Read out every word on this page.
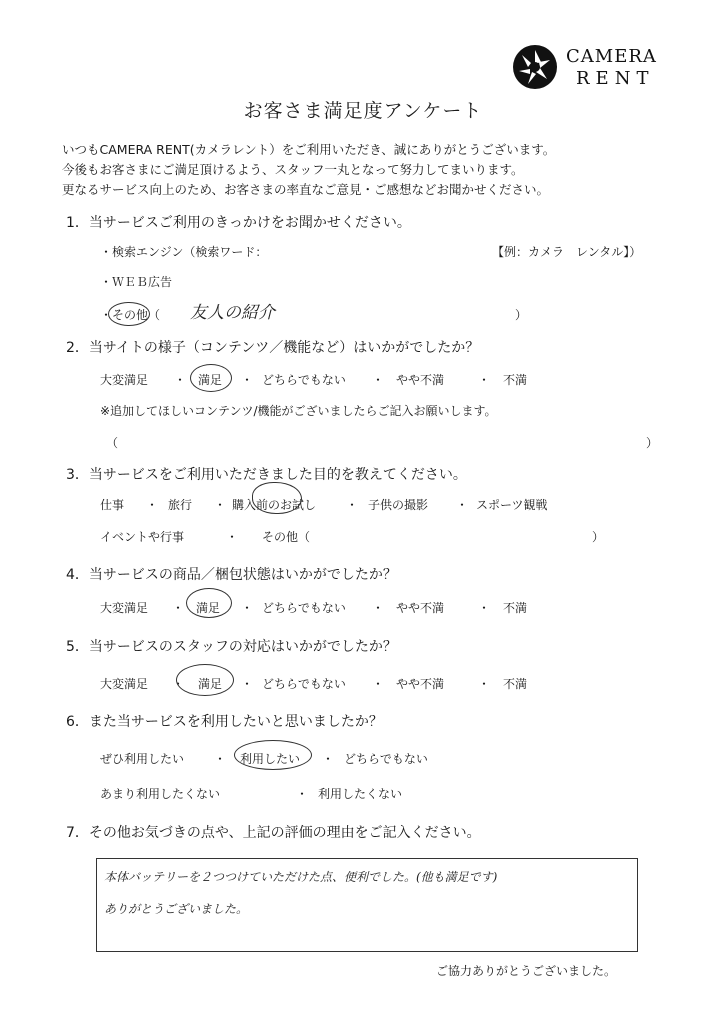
CAMERA
RENT
お客さま満足度アンケート
いつもCAMERA RENT(カメラレント）をご利用いただき、誠にありがとうございます。
今後もお客さまにご満足頂けるよう、スタッフ一丸となって努力してまいります。
更なるサービス向上のため、お客さまの率直なご意見・ご感想などお聞かせください。
1．当サービスご利用のきっかけをお聞かせください。
・検索エンジン（検索ワード：	【例：カメラ　レンタル】）
・ＷＥＢ広告
・その他（ 友人の紹介	）
2．当サイトの様子（コンテンツ／機能など）はいかがでしたか？
大変満足 ・ 満足 ・ どちらでもない ・ やや不満	・ 不満
※追加してほしいコンテンツ/機能がございましたらご記入お願いします。
（	）
3．当サービスをご利用いただきました目的を教えてください。
仕事 ・ 旅行 ・ 購入前のお試し ・ 子供の撮影 ・ スポーツ観戦
イベントや行事	・ その他（	）
4．当サービスの商品／梱包状態はいかがでしたか？
大変満足 ・ 満足 ・ どちらでもない ・ やや不満	・ 不満
5．当サービスのスタッフの対応はいかがでしたか？
大変満足 ・ 満足 ・ どちらでもない ・ やや不満	・ 不満
6．また当サービスを利用したいと思いましたか？
ぜひ利用したい ・ 利用したい ・ どちらでもない
あまり利用したくない	・ 利用したくない
7．その他お気づきの点や、上記の評価の理由をご記入ください。
本体バッテリーを２つつけていただけた点、便利でした。(他も満足です)
ありがとうございました。
ご協力ありがとうございました。
